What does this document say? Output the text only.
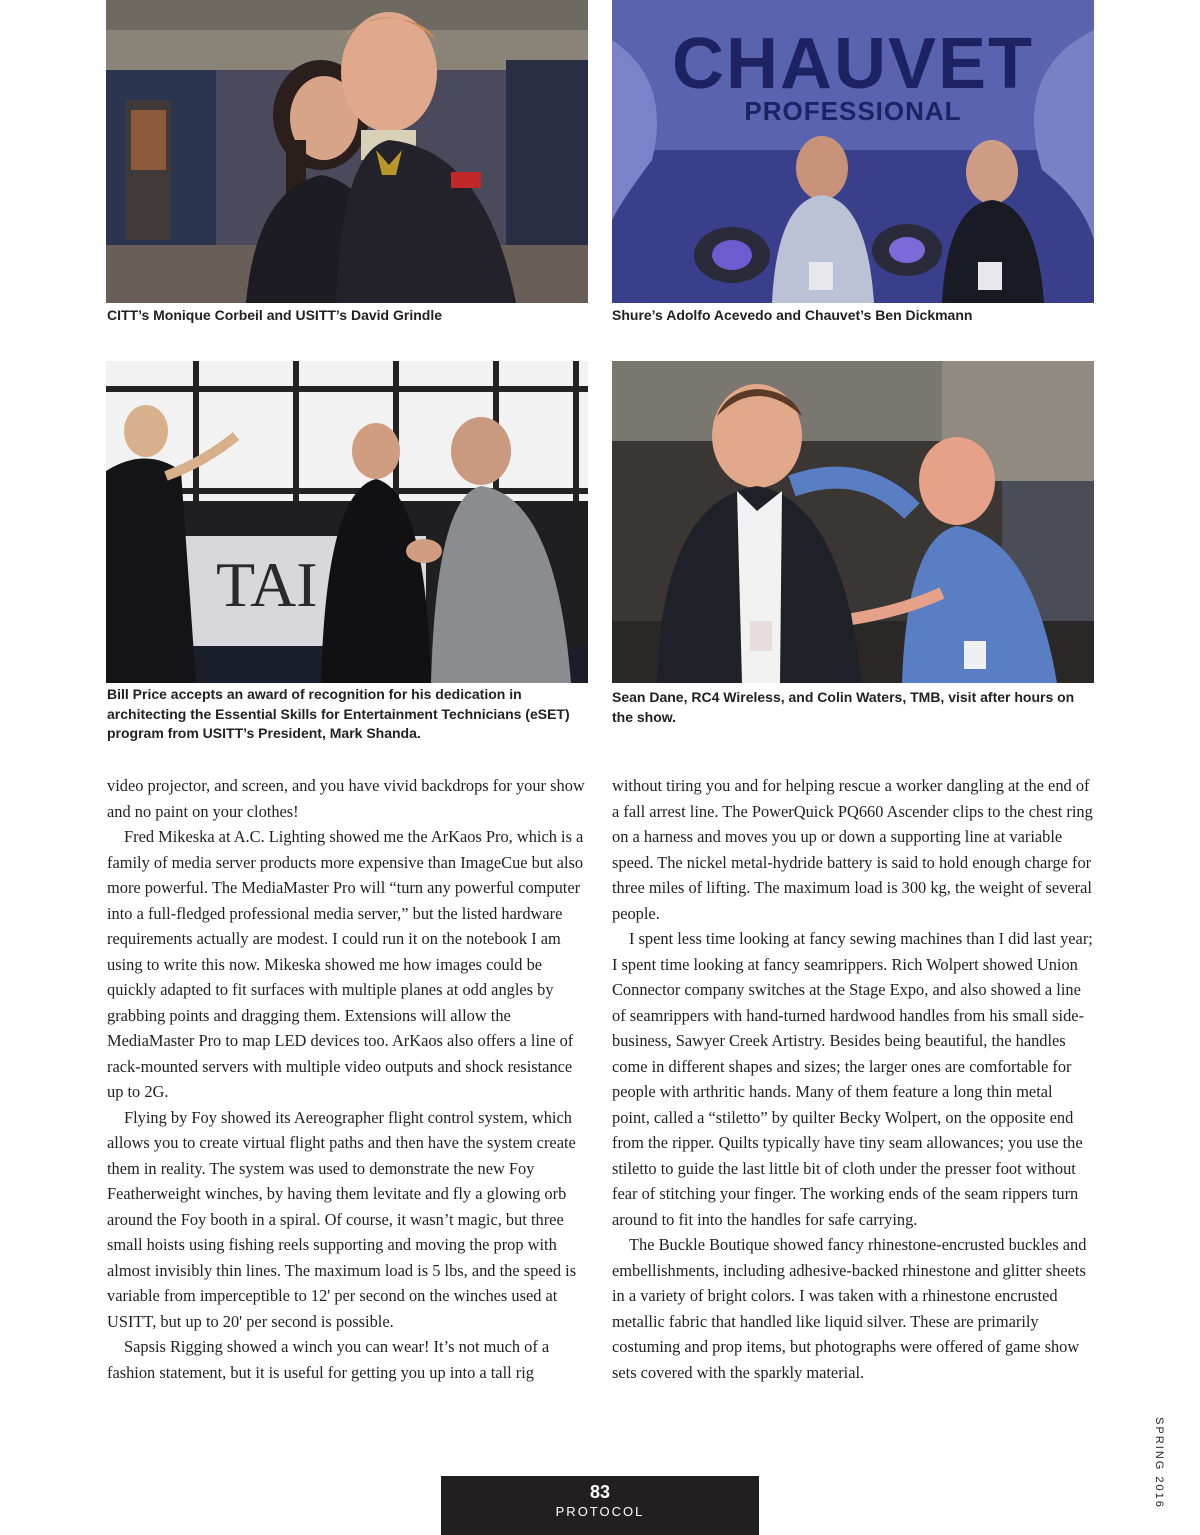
CITT’s Monique Corbeil and USITT’s David Grindle
CHAUVET
PROFESSIONAL
Shure’s Adolfo Acevedo and Chauvet’s Ben Dickmann
TAI
Bill Price accepts an award of recognition for his dedication in architecting the Essential Skills for Entertainment Technicians (eSET) program from USITT’s President, Mark Shanda.
Sean Dane, RC4 Wireless, and Colin Waters, TMB, visit after hours on the show.

video projector, and screen, and you have vivid backdrops for your show and no paint on your clothes!

Fred Mikeska at A.C. Lighting showed me the ArKaos Pro, which is a family of media server products more expensive than ImageCue but also more powerful. The MediaMaster Pro will “turn any powerful computer into a full-fledged professional media server,” but the listed hardware requirements actually are modest. I could run it on the notebook I am using to write this now. Mikeska showed me how images could be quickly adapted to fit surfaces with multiple planes at odd angles by grabbing points and dragging them. Extensions will allow the MediaMaster Pro to map LED devices too. ArKaos also offers a line of rack-mounted servers with multiple video outputs and shock resistance up to 2G.

Flying by Foy showed its Aereographer flight control system, which allows you to create virtual flight paths and then have the system create them in reality. The system was used to demonstrate the new Foy Featherweight winches, by having them levitate and fly a glowing orb around the Foy booth in a spiral. Of course, it wasn’t magic, but three small hoists using fishing reels supporting and moving the prop with almost invisibly thin lines. The maximum load is 5 lbs, and the speed is variable from imperceptible to 12' per second on the winches used at USITT, but up to 20' per second is possible.

Sapsis Rigging showed a winch you can wear! It’s not much of a fashion statement, but it is useful for getting you up into a tall rig

without tiring you and for helping rescue a worker dangling at the end of a fall arrest line. The PowerQuick PQ660 Ascender clips to the chest ring on a harness and moves you up or down a supporting line at variable speed. The nickel metal-hydride battery is said to hold enough charge for three miles of lifting. The maximum load is 300 kg, the weight of several people.

I spent less time looking at fancy sewing machines than I did last year; I spent time looking at fancy seamrippers. Rich Wolpert showed Union Connector company switches at the Stage Expo, and also showed a line of seamrippers with hand-turned hardwood handles from his small side-business, Sawyer Creek Artistry. Besides being beautiful, the handles come in different shapes and sizes; the larger ones are comfortable for people with arthritic hands. Many of them feature a long thin metal point, called a “stiletto” by quilter Becky Wolpert, on the opposite end from the ripper. Quilts typically have tiny seam allowances; you use the stiletto to guide the last little bit of cloth under the presser foot without fear of stitching your finger. The working ends of the seam rippers turn around to fit into the handles for safe carrying.

The Buckle Boutique showed fancy rhinestone-encrusted buckles and embellishments, including adhesive-backed rhinestone and glitter sheets in a variety of bright colors. I was taken with a rhinestone encrusted metallic fabric that handled like liquid silver. These are primarily costuming and prop items, but photographs were offered of game show sets covered with the sparkly material.

SPRING 2016
83
PROTOCOL
